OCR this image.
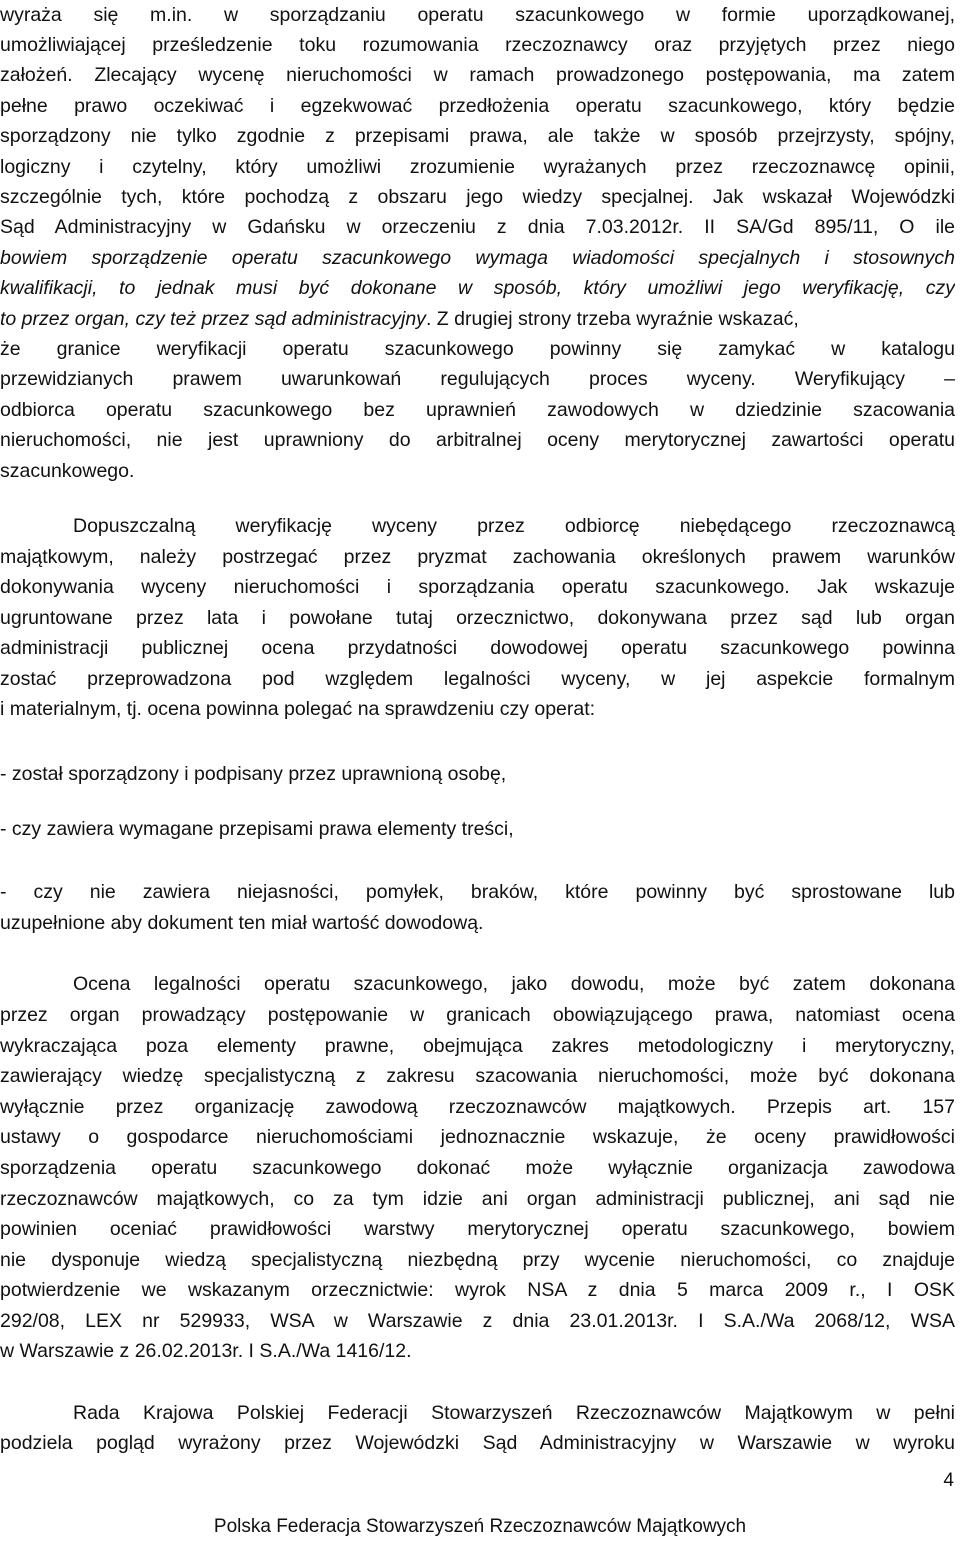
wyraża się m.in. w sporządzaniu operatu szacunkowego w formie uporządkowanej,
umożliwiającej prześledzenie toku rozumowania rzeczoznawcy oraz przyjętych przez niego
założeń. Zlecający wycenę nieruchomości w ramach prowadzonego postępowania, ma zatem
pełne prawo oczekiwać i egzekwować przedłożenia operatu szacunkowego, który będzie
sporządzony nie tylko zgodnie z przepisami prawa, ale także w sposób przejrzysty, spójny,
logiczny i czytelny, który umożliwi zrozumienie wyrażanych przez rzeczoznawcę opinii,
szczególnie tych, które pochodzą z obszaru jego wiedzy specjalnej. Jak wskazał Wojewódzki
Sąd Administracyjny w Gdańsku w orzeczeniu z dnia 7.03.2012r. II SA/Gd 895/11, O ile
bowiem sporządzenie operatu szacunkowego wymaga wiadomości specjalnych i stosownych
kwalifikacji, to jednak musi być dokonane w sposób, który umożliwi jego weryfikację, czy
to przez organ, czy też przez sąd administracyjny. Z drugiej strony trzeba wyraźnie wskazać,
że granice weryfikacji operatu szacunkowego powinny się zamykać w katalogu
przewidzianych prawem uwarunkowań regulujących proces wyceny. Weryfikujący –
odbiorca operatu szacunkowego bez uprawnień zawodowych w dziedzinie szacowania
nieruchomości, nie jest uprawniony do arbitralnej oceny merytorycznej zawartości operatu
szacunkowego.
Dopuszczalną weryfikację wyceny przez odbiorcę niebędącego rzeczoznawcą
majątkowym, należy postrzegać przez pryzmat zachowania określonych prawem warunków
dokonywania wyceny nieruchomości i sporządzania operatu szacunkowego. Jak wskazuje
ugruntowane przez lata i powołane tutaj orzecznictwo, dokonywana przez sąd lub organ
administracji publicznej ocena przydatności dowodowej operatu szacunkowego powinna
zostać przeprowadzona pod względem legalności wyceny, w jej aspekcie formalnym
i materialnym, tj. ocena powinna polegać na sprawdzeniu czy operat:
- został sporządzony i podpisany przez uprawnioną osobę,
- czy zawiera wymagane przepisami prawa elementy treści,
- czy nie zawiera niejasności, pomyłek, braków, które powinny być sprostowane lub
uzupełnione aby dokument ten miał wartość dowodową.
Ocena legalności operatu szacunkowego, jako dowodu, może być zatem dokonana
przez organ prowadzący postępowanie w granicach obowiązującego prawa, natomiast ocena
wykraczająca poza elementy prawne, obejmująca zakres metodologiczny i merytoryczny,
zawierający wiedzę specjalistyczną z zakresu szacowania nieruchomości, może być dokonana
wyłącznie przez organizację zawodową rzeczoznawców majątkowych. Przepis art. 157
ustawy o gospodarce nieruchomościami jednoznacznie wskazuje, że oceny prawidłowości
sporządzenia operatu szacunkowego dokonać może wyłącznie organizacja zawodowa
rzeczoznawców majątkowych, co za tym idzie ani organ administracji publicznej, ani sąd nie
powinien oceniać prawidłowości warstwy merytorycznej operatu szacunkowego, bowiem
nie dysponuje wiedzą specjalistyczną niezbędną przy wycenie nieruchomości, co znajduje
potwierdzenie we wskazanym orzecznictwie: wyrok NSA z dnia 5 marca 2009 r., I OSK
292/08, LEX nr 529933, WSA w Warszawie z dnia 23.01.2013r. I S.A./Wa 2068/12, WSA
w Warszawie z 26.02.2013r. I S.A./Wa 1416/12.
Rada Krajowa Polskiej Federacji Stowarzyszeń Rzeczoznawców Majątkowym w pełni
podziela pogląd wyrażony przez Wojewódzki Sąd Administracyjny w Warszawie w wyroku
4
Polska Federacja Stowarzyszeń Rzeczoznawców Majątkowych
